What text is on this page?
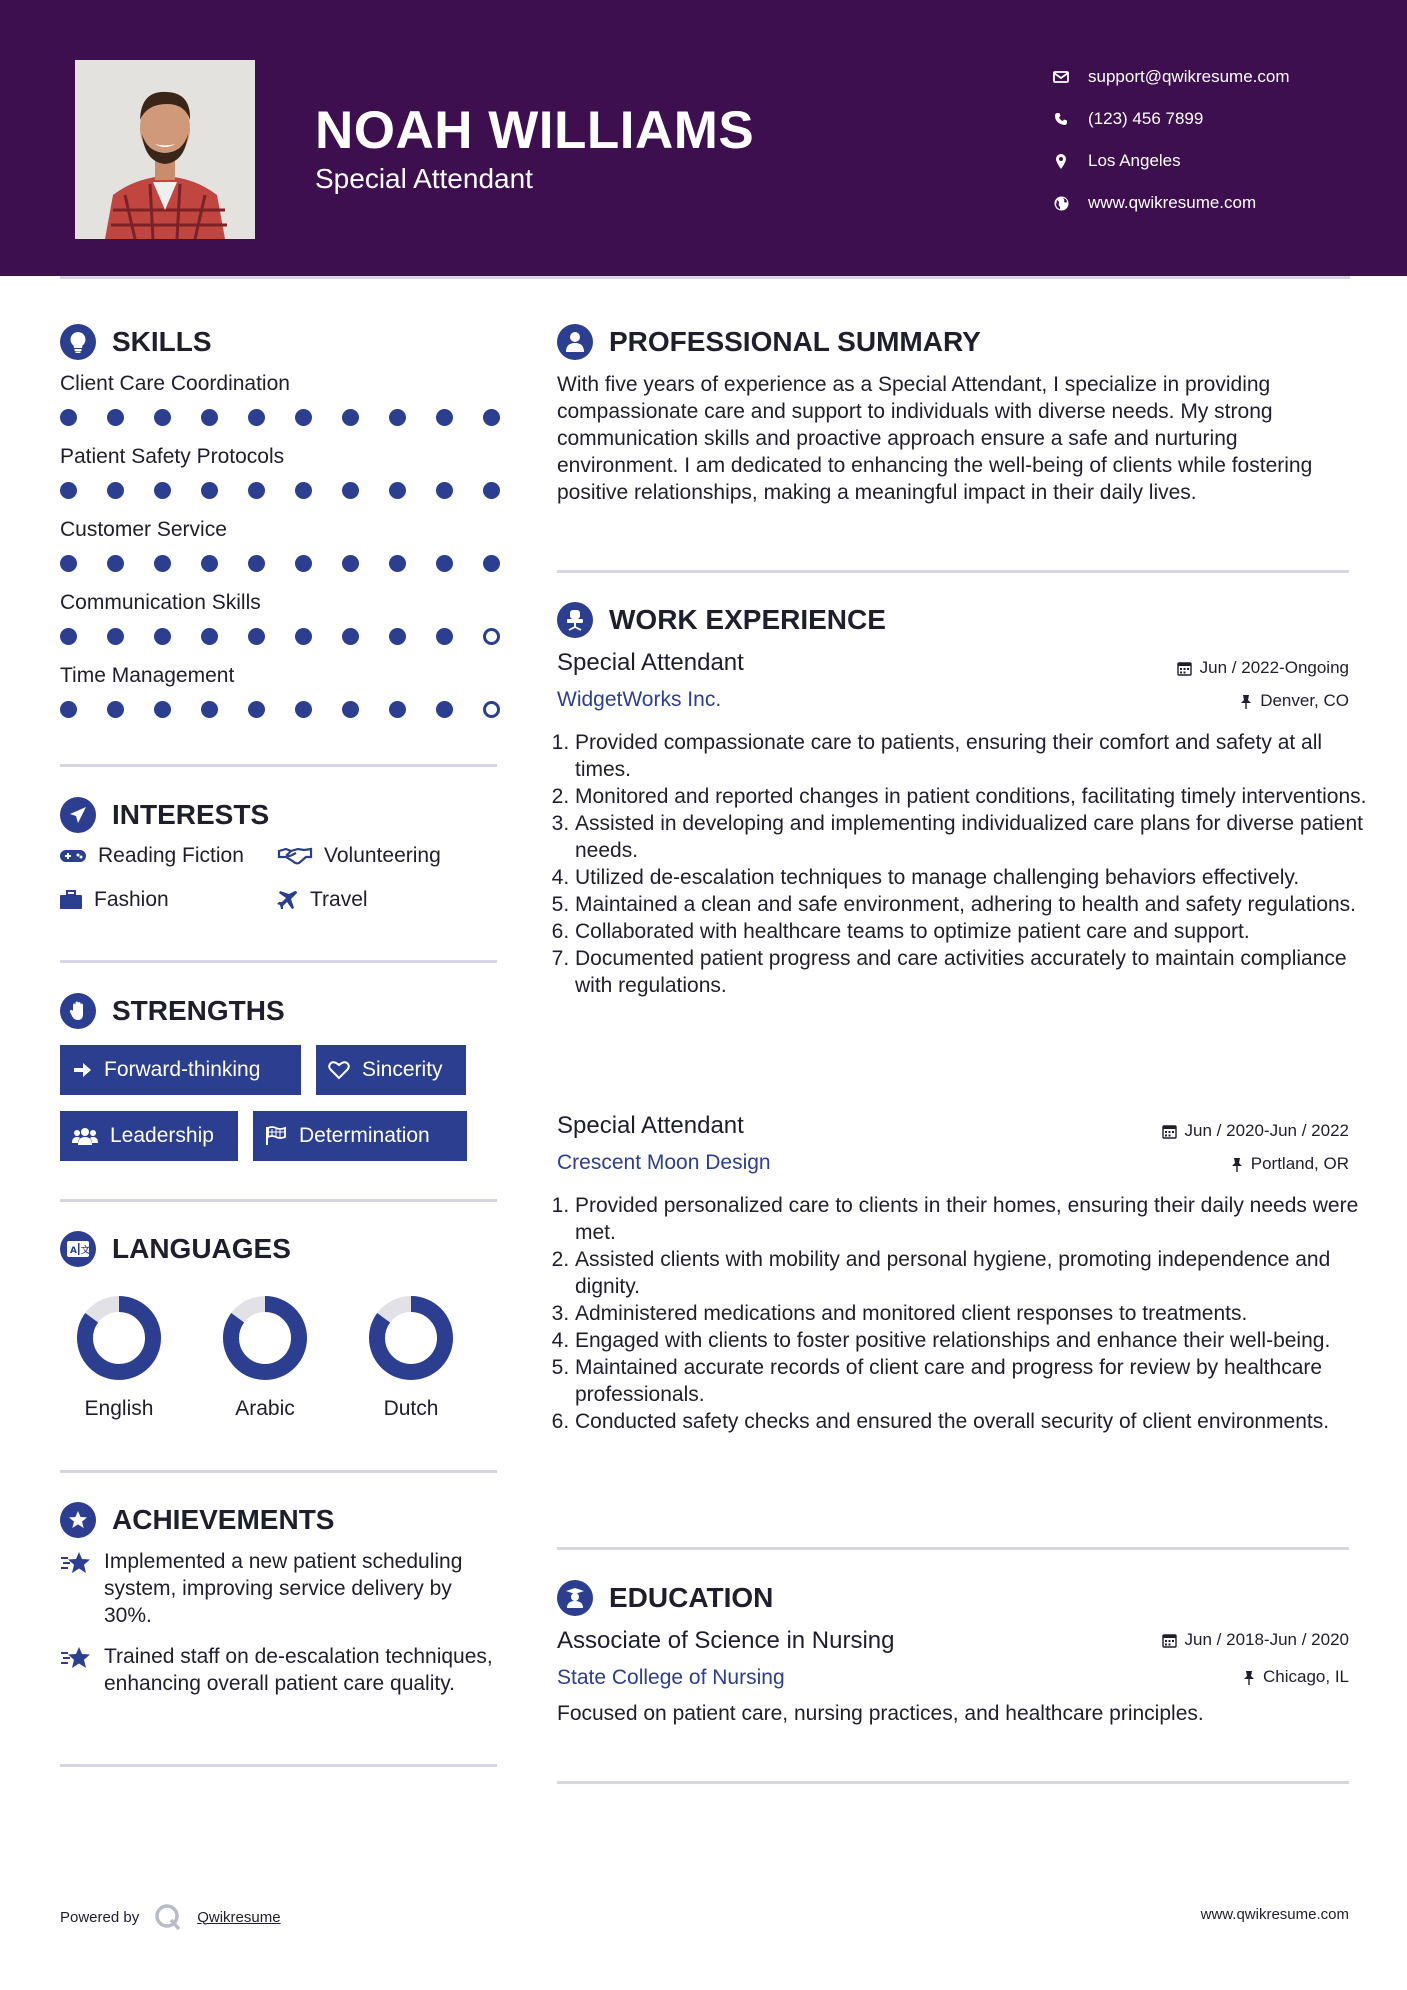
NOAH WILLIAMS
Special Attendant
support@qwikresume.com
(123) 456 7899
Los Angeles
www.qwikresume.com
SKILLS
Client Care Coordination
Patient Safety Protocols
Customer Service
Communication Skills
Time Management
INTERESTS
Reading Fiction	Volunteering
Fashion	Travel
STRENGTHS
Forward-thinking	Sincerity
Leadership	Determination
A 文 LANGUAGES
English	Arabic	Dutch
ACHIEVEMENTS
Implemented a new patient scheduling system, improving service delivery by 30%.
Trained staff on de-escalation techniques, enhancing overall patient care quality.
PROFESSIONAL SUMMARY
With five years of experience as a Special Attendant, I specialize in providing compassionate care and support to individuals with diverse needs. My strong communication skills and proactive approach ensure a safe and nurturing environment. I am dedicated to enhancing the well-being of clients while fostering positive relationships, making a meaningful impact in their daily lives.
WORK EXPERIENCE
Special Attendant	Jun / 2022-Ongoing
WidgetWorks Inc.	Denver, CO
1. Provided compassionate care to patients, ensuring their comfort and safety at all times.
2. Monitored and reported changes in patient conditions, facilitating timely interventions.
3. Assisted in developing and implementing individualized care plans for diverse patient needs.
4. Utilized de-escalation techniques to manage challenging behaviors effectively.
5. Maintained a clean and safe environment, adhering to health and safety regulations.
6. Collaborated with healthcare teams to optimize patient care and support.
7. Documented patient progress and care activities accurately to maintain compliance with regulations.
Special Attendant	Jun / 2020-Jun / 2022
Crescent Moon Design	Portland, OR
1. Provided personalized care to clients in their homes, ensuring their daily needs were met.
2. Assisted clients with mobility and personal hygiene, promoting independence and dignity.
3. Administered medications and monitored client responses to treatments.
4. Engaged with clients to foster positive relationships and enhance their well-being.
5. Maintained accurate records of client care and progress for review by healthcare professionals.
6. Conducted safety checks and ensured the overall security of client environments.
EDUCATION
Associate of Science in Nursing	Jun / 2018-Jun / 2020
State College of Nursing	Chicago, IL
Focused on patient care, nursing practices, and healthcare principles.
Powered by	Qwikresume	www.qwikresume.com
